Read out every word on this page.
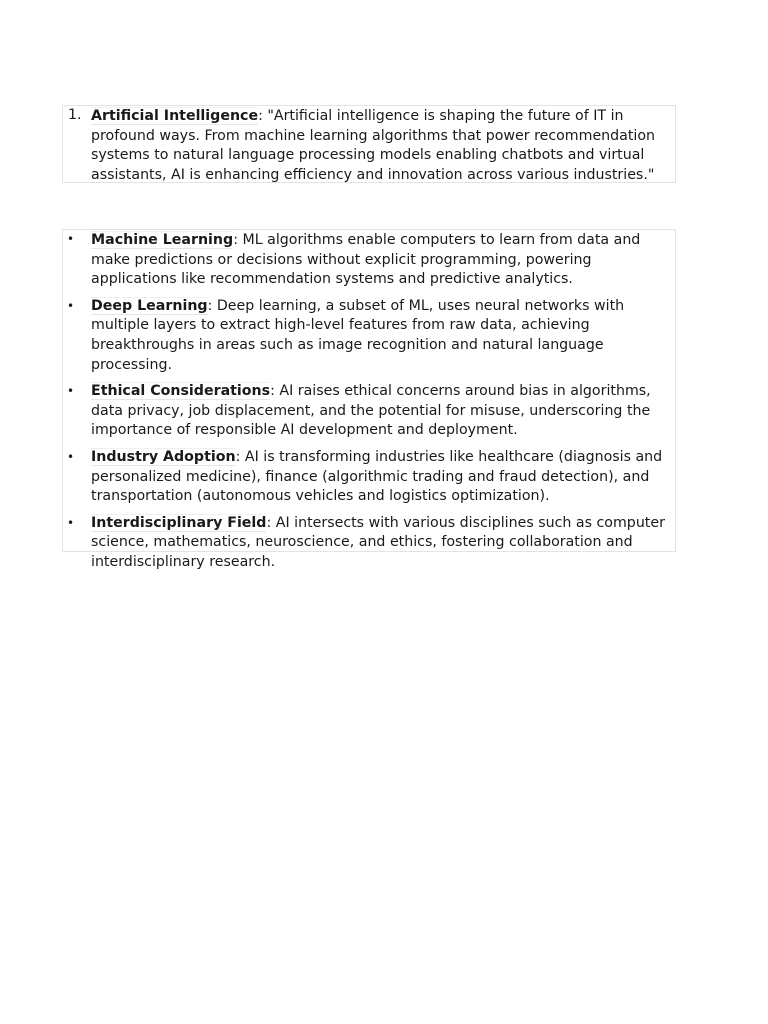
1. Artificial Intelligence: "Artificial intelligence is shaping the future of IT in profound ways. From machine learning algorithms that power recommendation systems to natural language processing models enabling chatbots and virtual assistants, AI is enhancing efficiency and innovation across various industries."
• Machine Learning: ML algorithms enable computers to learn from data and make predictions or decisions without explicit programming, powering applications like recommendation systems and predictive analytics.
• Deep Learning: Deep learning, a subset of ML, uses neural networks with multiple layers to extract high-level features from raw data, achieving breakthroughs in areas such as image recognition and natural language processing.
• Ethical Considerations: AI raises ethical concerns around bias in algorithms, data privacy, job displacement, and the potential for misuse, underscoring the importance of responsible AI development and deployment.
• Industry Adoption: AI is transforming industries like healthcare (diagnosis and personalized medicine), finance (algorithmic trading and fraud detection), and transportation (autonomous vehicles and logistics optimization).
• Interdisciplinary Field: AI intersects with various disciplines such as computer science, mathematics, neuroscience, and ethics, fostering collaboration and interdisciplinary research.
